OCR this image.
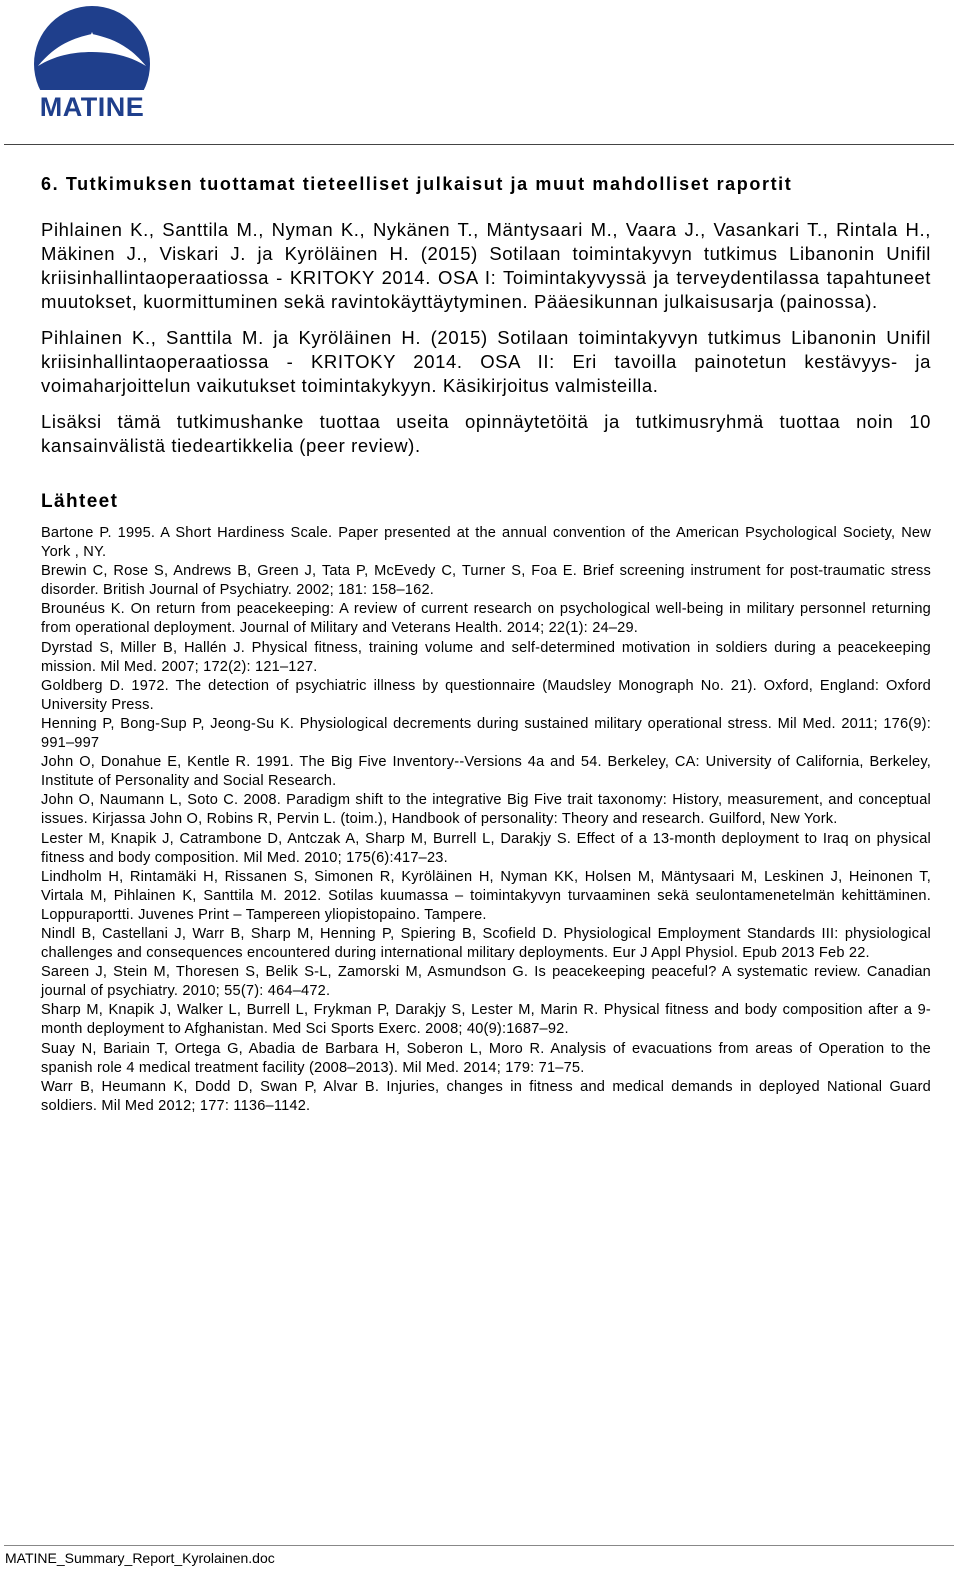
MATINE
6. Tutkimuksen tuottamat tieteelliset julkaisut ja muut mahdolliset raportit

Pihlainen K., Santtila M., Nyman K., Nykänen T., Mäntysaari M., Vaara J., Vasankari T., Rintala H., Mäkinen J., Viskari J. ja Kyröläinen H. (2015) Sotilaan toimintakyvyn tutkimus Libanonin Unifil kriisinhallintaoperaatiossa - KRITOKY 2014. OSA I: Toimintakyvyssä ja terveydentilassa tapahtuneet muutokset, kuormittuminen sekä ravintokäyttäytyminen. Pääesikunnan julkaisusarja (painossa).

Pihlainen K., Santtila M. ja Kyröläinen H. (2015) Sotilaan toimintakyvyn tutkimus Libanonin Unifil kriisinhallintaoperaatiossa - KRITOKY 2014. OSA II: Eri tavoilla painotetun kestävyys- ja voimaharjoittelun vaikutukset toimintakykyyn. Käsikirjoitus valmisteilla.

Lisäksi tämä tutkimushanke tuottaa useita opinnäytetöitä ja tutkimusryhmä tuottaa noin 10 kansainvälistä tiedeartikkelia (peer review).

Lähteet

Bartone P. 1995. A Short Hardiness Scale. Paper presented at the annual convention of the American Psychological Society, New York , NY.

Brewin C, Rose S, Andrews B, Green J, Tata P, McEvedy C, Turner S, Foa E. Brief screening instrument for post-traumatic stress disorder. British Journal of Psychiatry. 2002; 181: 158–162.

Brounéus K. On return from peacekeeping: A review of current research on psychological well-being in military personnel returning from operational deployment. Journal of Military and Veterans Health. 2014; 22(1): 24–29.

Dyrstad S, Miller B, Hallén J. Physical fitness, training volume and self-determined motivation in soldiers during a peacekeeping mission. Mil Med. 2007; 172(2): 121–127.

Goldberg D. 1972. The detection of psychiatric illness by questionnaire (Maudsley Monograph No. 21). Oxford, England: Oxford University Press.

Henning P, Bong-Sup P, Jeong-Su K. Physiological decrements during sustained military operational stress. Mil Med. 2011; 176(9): 991–997

John O, Donahue E, Kentle R. 1991. The Big Five Inventory--Versions 4a and 54. Berkeley, CA: University of California, Berkeley, Institute of Personality and Social Research.

John O, Naumann L, Soto C. 2008. Paradigm shift to the integrative Big Five trait taxonomy: History, measurement, and conceptual issues. Kirjassa John O, Robins R, Pervin L. (toim.), Handbook of personality: Theory and research. Guilford, New York.

Lester M, Knapik J, Catrambone D, Antczak A, Sharp M, Burrell L, Darakjy S. Effect of a 13-month deployment to Iraq on physical fitness and body composition. Mil Med. 2010; 175(6):417–23.

Lindholm H, Rintamäki H, Rissanen S, Simonen R, Kyröläinen H, Nyman KK, Holsen M, Mäntysaari M, Leskinen J, Heinonen T, Virtala M, Pihlainen K, Santtila M. 2012. Sotilas kuumassa – toimintakyvyn turvaaminen sekä seulontamenetelmän kehittäminen. Loppuraportti. Juvenes Print – Tampereen yliopistopaino. Tampere.

Nindl B, Castellani J, Warr B, Sharp M, Henning P, Spiering B, Scofield D. Physiological Employment Standards III: physiological challenges and consequences encountered during international military deployments. Eur J Appl Physiol. Epub 2013 Feb 22.

Sareen J, Stein M, Thoresen S, Belik S-L, Zamorski M, Asmundson G. Is peacekeeping peaceful? A systematic review. Canadian journal of psychiatry. 2010; 55(7): 464–472.

Sharp M, Knapik J, Walker L, Burrell L, Frykman P, Darakjy S, Lester M, Marin R. Physical fitness and body composition after a 9-month deployment to Afghanistan. Med Sci Sports Exerc. 2008; 40(9):1687–92.

Suay N, Bariain T, Ortega G, Abadia de Barbara H, Soberon L, Moro R. Analysis of evacuations from areas of Operation to the spanish role 4 medical treatment facility (2008–2013). Mil Med. 2014; 179: 71–75.

Warr B, Heumann K, Dodd D, Swan P, Alvar B. Injuries, changes in fitness and medical demands in deployed National Guard soldiers. Mil Med 2012; 177: 1136–1142.

MATINE_Summary_Report_Kyrolainen.doc
